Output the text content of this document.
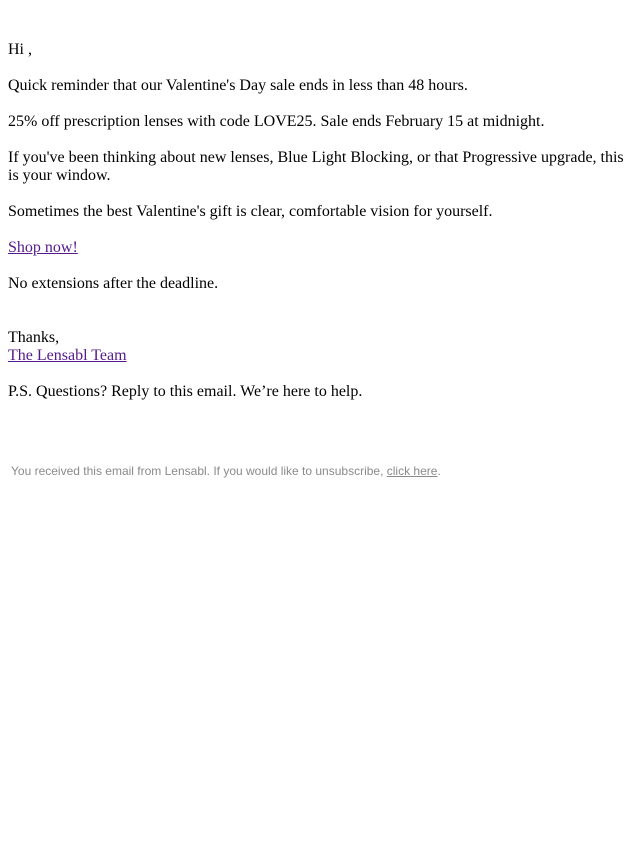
Hi ,

Quick reminder that our Valentine's Day sale ends in less than 48 hours.

25% off prescription lenses with code LOVE25. Sale ends February 15 at midnight.

If you've been thinking about new lenses, Blue Light Blocking, or that Progressive upgrade, this is your window.

Sometimes the best Valentine's gift is clear, comfortable vision for yourself.

Shop now!

No extensions after the deadline.

Thanks,
The Lensabl Team

P.S. Questions? Reply to this email. We’re here to help.

You received this email from Lensabl. If you would like to unsubscribe, click here.
